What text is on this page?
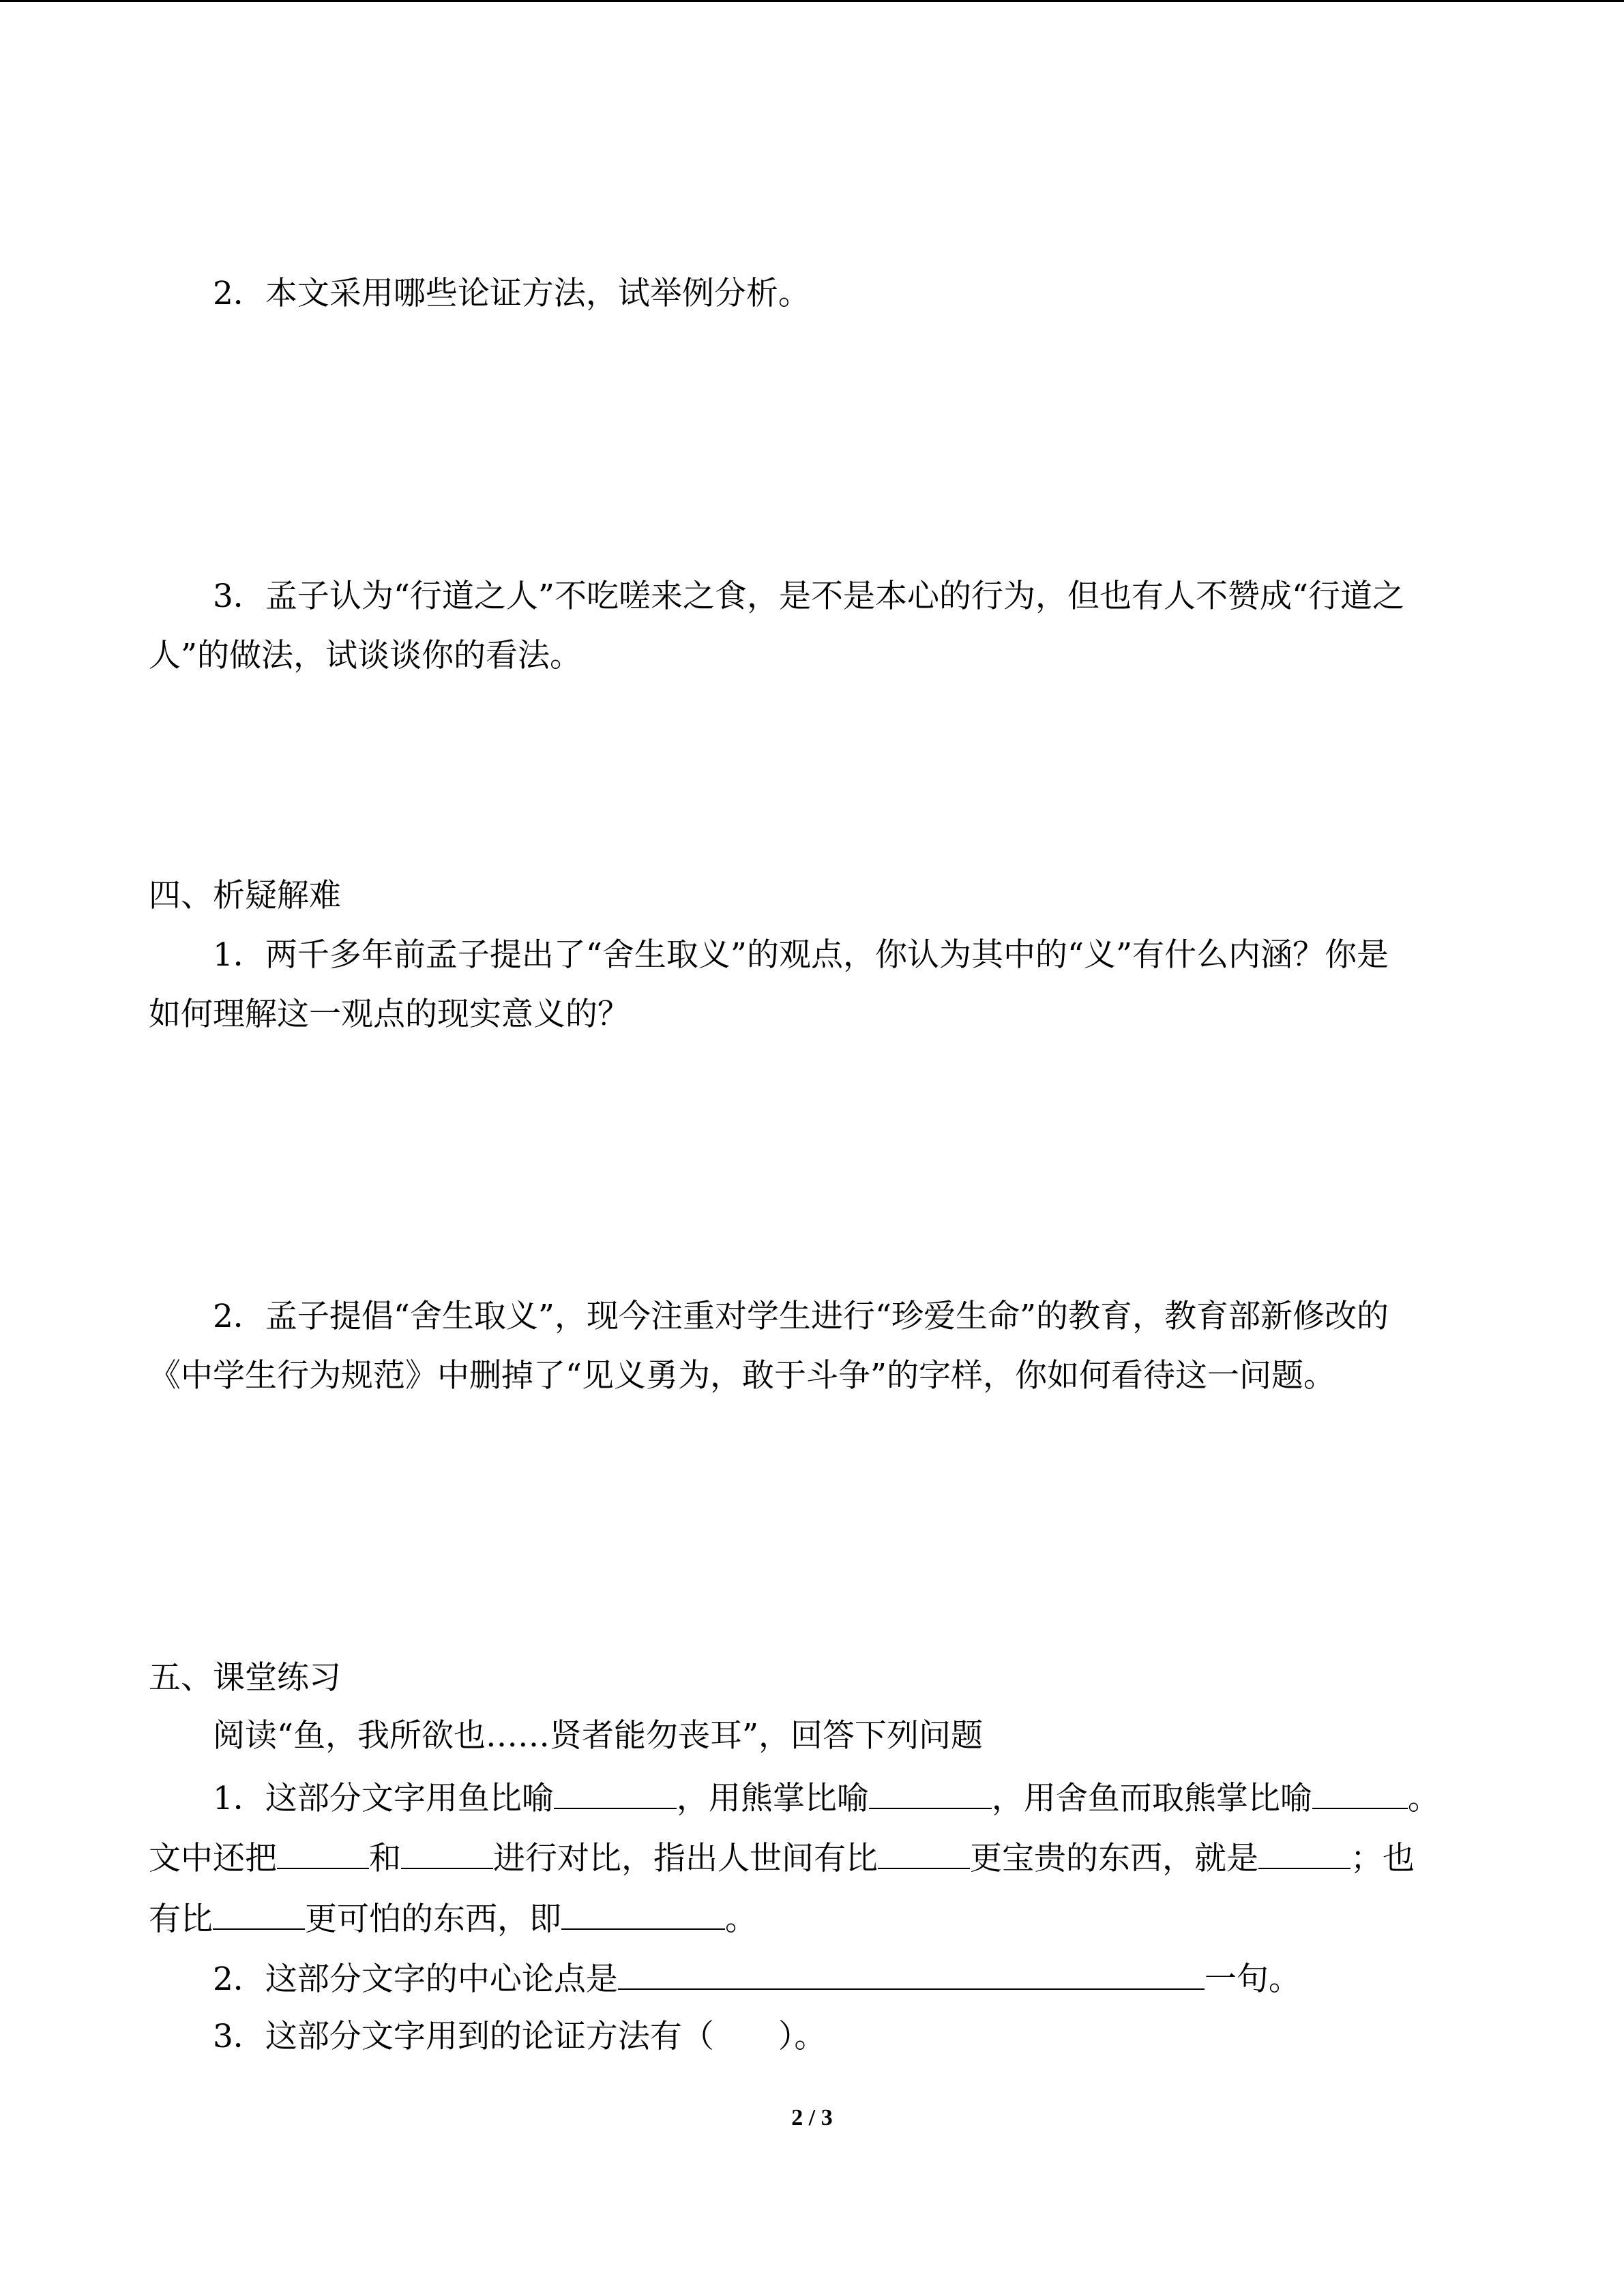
2．本文采用哪些论证方法，试举例分析。
3．孟子认为“行道之人”不吃嗟来之食，是不是本心的行为，但也有人不赞成“行道之
人”的做法，试谈谈你的看法。
四、析疑解难
1．两千多年前孟子提出了“舍生取义”的观点，你认为其中的“义”有什么内涵？你是
如何理解这一观点的现实意义的？
2．孟子提倡“舍生取义”，现今注重对学生进行“珍爱生命”的教育，教育部新修改的
《中学生行为规范》中删掉了“见义勇为，敢于斗争”的字样，你如何看待这一问题。
五、课堂练习
阅读“鱼，我所欲也……贤者能勿丧耳”，回答下列问题
1．这部分文字用鱼比喻	，用熊掌比喻	，用舍鱼而取熊掌比喻	。
文中还把	和	进行对比，指出人世间有比	更宝贵的东西，就是	；也
有比	更可怕的东西，即	。
2．这部分文字的中心论点是	一句。
3．这部分文字用到的论证方法有（　　）。
2 / 3
